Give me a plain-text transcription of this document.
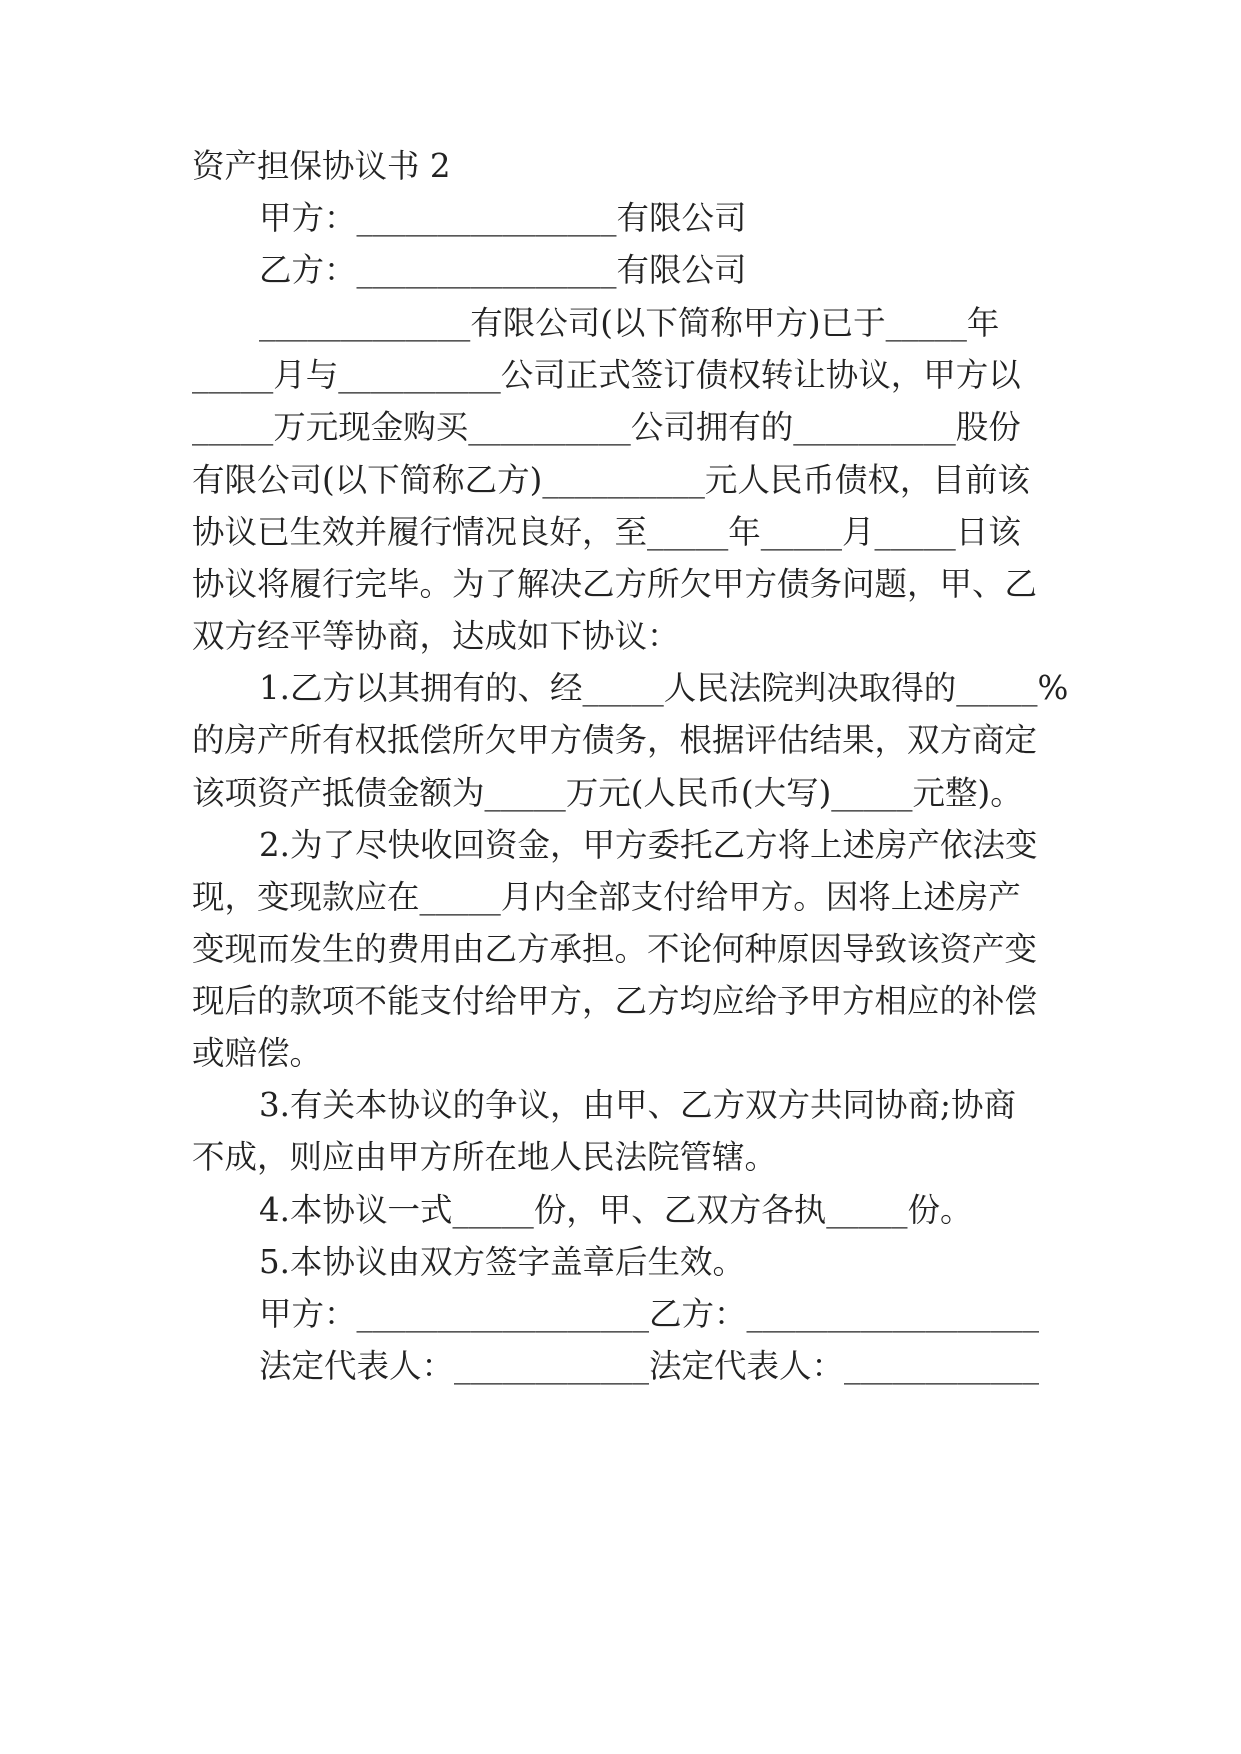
资产担保协议书 2
甲方：________________有限公司
乙方：________________有限公司
_____________有限公司(以下简称甲方)已于_____年
_____月与__________公司正式签订债权转让协议，甲方以
_____万元现金购买__________公司拥有的__________股份
有限公司(以下简称乙方)__________元人民币债权，目前该
协议已生效并履行情况良好，至_____年_____月_____日该
协议将履行完毕。为了解决乙方所欠甲方债务问题，甲、乙
双方经平等协商，达成如下协议：
1.乙方以其拥有的、经_____人民法院判决取得的_____%
的房产所有权抵偿所欠甲方债务，根据评估结果，双方商定
该项资产抵债金额为_____万元(人民币(大写)_____元整)。
2.为了尽快收回资金，甲方委托乙方将上述房产依法变
现，变现款应在_____月内全部支付给甲方。因将上述房产
变现而发生的费用由乙方承担。不论何种原因导致该资产变
现后的款项不能支付给甲方，乙方均应给予甲方相应的补偿
或赔偿。
3.有关本协议的争议，由甲、乙方双方共同协商;协商
不成，则应由甲方所在地人民法院管辖。
4.本协议一式_____份，甲、乙双方各执_____份。
5.本协议由双方签字盖章后生效。
甲方：__________________乙方：__________________
法定代表人：____________法定代表人：____________
